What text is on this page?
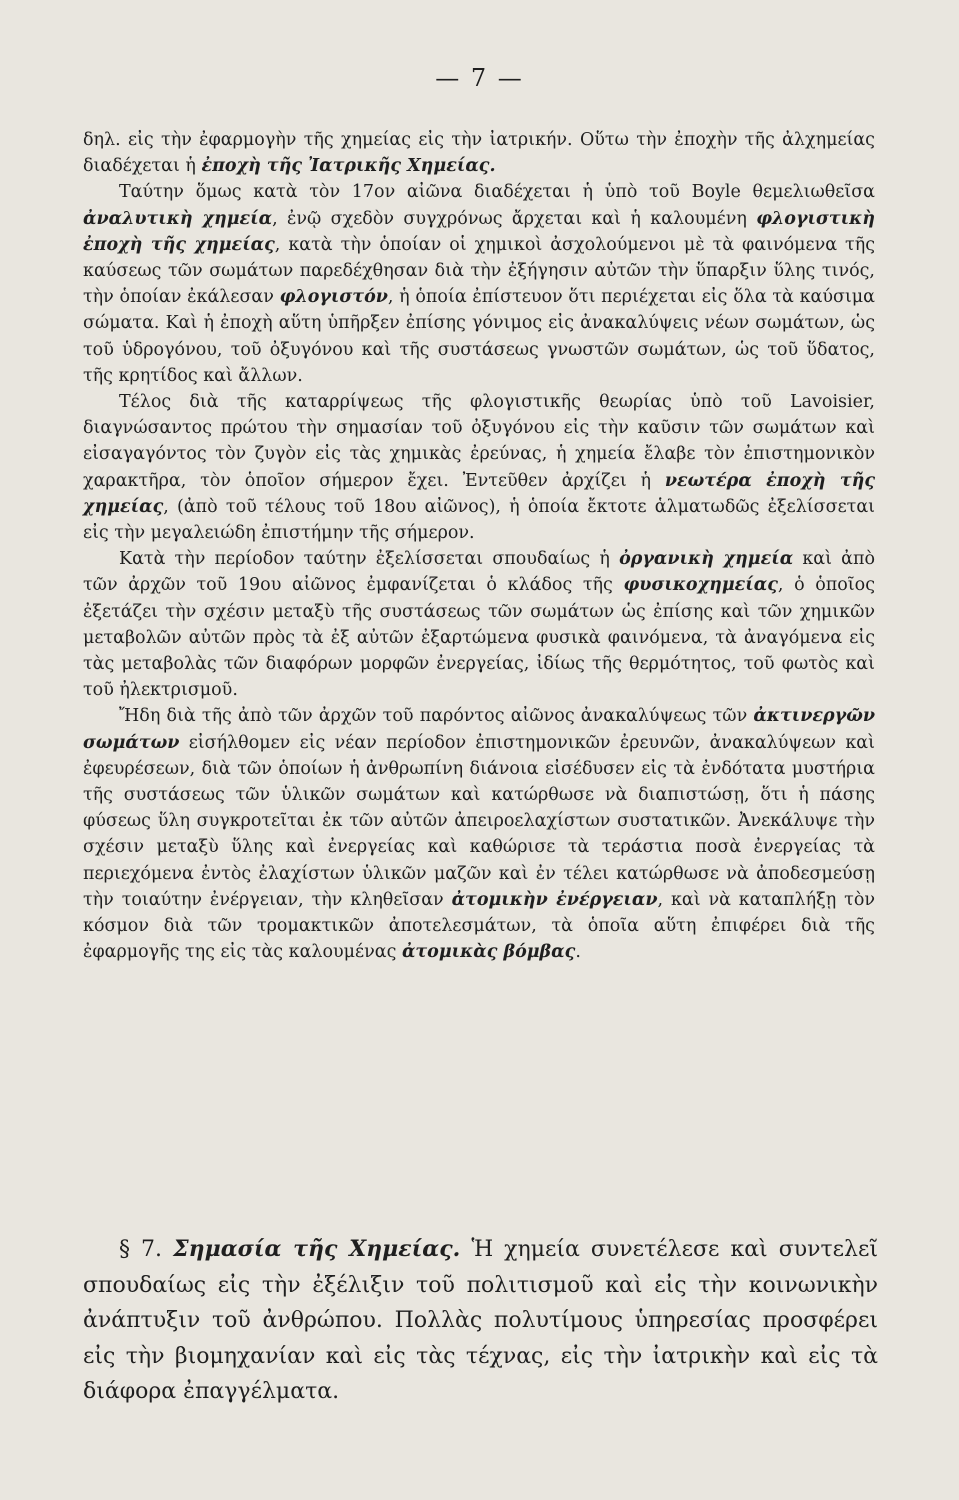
— 7 —

δηλ. εἰς τὴν ἐφαρμογὴν τῆς χημείας εἰς τὴν ἰατρικήν. Οὕτω τὴν ἐποχὴν τῆς ἀλχημείας διαδέχεται ἡ ἐποχὴ τῆς Ἰατρικῆς Χημείας.

Ταύτην ὅμως κατὰ τὸν 17ον αἰῶνα διαδέχεται ἡ ὑπὸ τοῦ Boyle θεμελιωθεῖσα ἀναλυτικὴ χημεία, ἐνῷ σχεδὸν συγχρόνως ἄρχεται καὶ ἡ καλουμένη φλογιστικὴ ἐποχὴ τῆς χημείας, κατὰ τὴν ὁποίαν οἱ χημικοὶ ἀσχολούμενοι μὲ τὰ φαινόμενα τῆς καύσεως τῶν σωμάτων παρεδέχθησαν διὰ τὴν ἐξήγησιν αὐτῶν τὴν ὕπαρξιν ὕλης τινός, τὴν ὁποίαν ἐκάλεσαν φλογιστόν, ἡ ὁποία ἐπίστευον ὅτι περιέχεται εἰς ὅλα τὰ καύσιμα σώματα. Καὶ ἡ ἐποχὴ αὕτη ὑπῆρξεν ἐπίσης γόνιμος εἰς ἀνακαλύψεις νέων σωμάτων, ὡς τοῦ ὑδρογόνου, τοῦ ὀξυγόνου καὶ τῆς συστάσεως γνωστῶν σωμάτων, ὡς τοῦ ὕδατος, τῆς κρητίδος καὶ ἄλλων.

Τέλος διὰ τῆς καταρρίψεως τῆς φλογιστικῆς θεωρίας ὑπὸ τοῦ Lavoisier, διαγνώσαντος πρώτου τὴν σημασίαν τοῦ ὀξυγόνου εἰς τὴν καῦσιν τῶν σωμάτων καὶ εἰσαγαγόντος τὸν ζυγὸν εἰς τὰς χημικὰς ἐρεύνας, ἡ χημεία ἔλαβε τὸν ἐπιστημονικὸν χαρακτῆρα, τὸν ὁποῖον σήμερον ἔχει. Ἐντεῦθεν ἀρχίζει ἡ νεωτέρα ἐποχὴ τῆς χημείας, (ἀπὸ τοῦ τέλους τοῦ 18ου αἰῶνος), ἡ ὁποία ἔκτοτε ἁλματωδῶς ἐξελίσσεται εἰς τὴν μεγαλειώδη ἐπιστήμην τῆς σήμερον.

Κατὰ τὴν περίοδον ταύτην ἐξελίσσεται σπουδαίως ἡ ὀργανικὴ χημεία καὶ ἀπὸ τῶν ἀρχῶν τοῦ 19ου αἰῶνος ἐμφανίζεται ὁ κλάδος τῆς φυσικοχημείας, ὁ ὁποῖος ἐξετάζει τὴν σχέσιν μεταξὺ τῆς συστάσεως τῶν σωμάτων ὡς ἐπίσης καὶ τῶν χημικῶν μεταβολῶν αὐτῶν πρὸς τὰ ἐξ αὐτῶν ἐξαρτώμενα φυσικὰ φαινόμενα, τὰ ἀναγόμενα εἰς τὰς μεταβολὰς τῶν διαφόρων μορφῶν ἐνεργείας, ἰδίως τῆς θερμότητος, τοῦ φωτὸς καὶ τοῦ ἠλεκτρισμοῦ.

Ἤδη διὰ τῆς ἀπὸ τῶν ἀρχῶν τοῦ παρόντος αἰῶνος ἀνακαλύψεως τῶν ἀκτινεργῶν σωμάτων εἰσήλθομεν εἰς νέαν περίοδον ἐπιστημονικῶν ἐρευνῶν, ἀνακαλύψεων καὶ ἐφευρέσεων, διὰ τῶν ὁποίων ἡ ἀνθρωπίνη διάνοια εἰσέδυσεν εἰς τὰ ἐνδότατα μυστήρια τῆς συστάσεως τῶν ὑλικῶν σωμάτων καὶ κατώρθωσε νὰ διαπιστώσῃ, ὅτι ἡ πάσης φύσεως ὕλη συγκροτεῖται ἐκ τῶν αὐτῶν ἀπειροελαχίστων συστατικῶν. Ἀνεκάλυψε τὴν σχέσιν μεταξὺ ὕλης καὶ ἐνεργείας καὶ καθώρισε τὰ τεράστια ποσὰ ἐνεργείας τὰ περιεχόμενα ἐντὸς ἐλαχίστων ὑλικῶν μαζῶν καὶ ἐν τέλει κατώρθωσε νὰ ἀποδεσμεύσῃ τὴν τοιαύτην ἐνέργειαν, τὴν κληθεῖσαν ἀτομικὴν ἐνέργειαν, καὶ νὰ καταπλήξῃ τὸν κόσμον διὰ τῶν τρομακτικῶν ἀποτελεσμάτων, τὰ ὁποῖα αὕτη ἐπιφέρει διὰ τῆς ἐφαρμογῆς της εἰς τὰς καλουμένας ἀτομικὰς βόμβας.

§ 7. Σημασία τῆς Χημείας. Ἡ χημεία συνετέλεσε καὶ συντελεῖ σπουδαίως εἰς τὴν ἐξέλιξιν τοῦ πολιτισμοῦ καὶ εἰς τὴν κοινωνικὴν ἀνάπτυξιν τοῦ ἀνθρώπου. Πολλὰς πολυτίμους ὑπηρεσίας προσφέρει εἰς τὴν βιομηχανίαν καὶ εἰς τὰς τέχνας, εἰς τὴν ἰατρικὴν καὶ εἰς τὰ διάφορα ἐπαγγέλματα.
